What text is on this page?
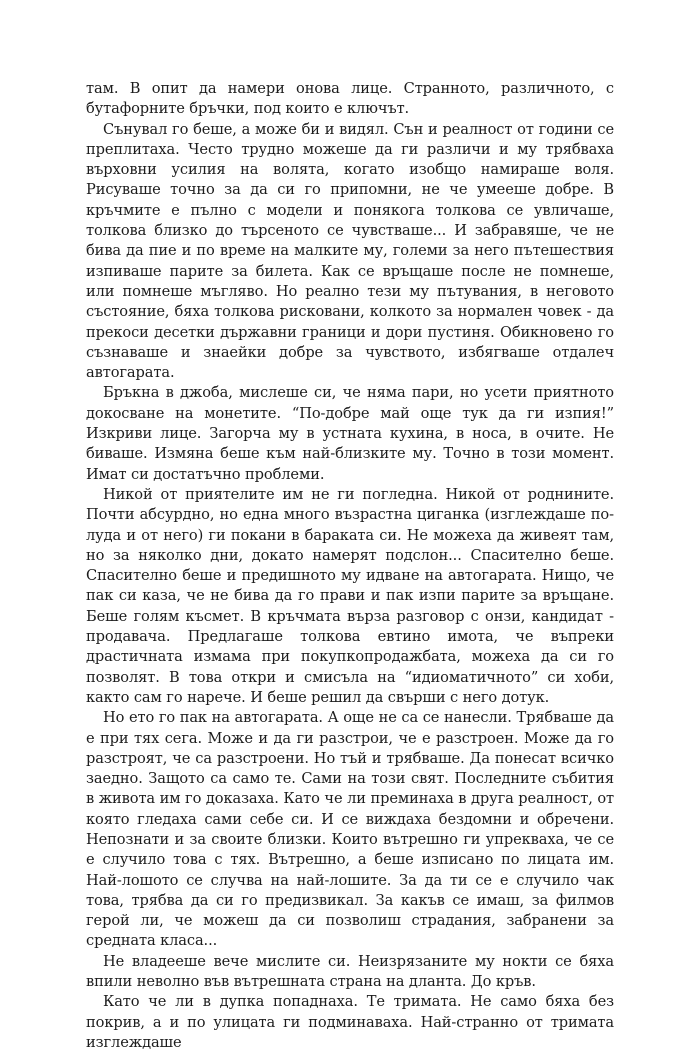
там. В опит да намери онова лице. Странното, различното, с бутафорните бръчки, под които е ключът.

Сънувал го беше, а може би и видял. Сън и реалност от години се преплитаха. Често трудно можеше да ги различи и му трябваха върховни усилия на волята, когато изобщо намираше воля. Рисуваше точно за да си го припомни, не че умееше добре. В кръчмите е пълно с модели и понякога толкова се увличаше, толкова близко до търсеното се чувстваше... И забравяше, че не бива да пие и по време на малките му, големи за него пътешествия изпиваше парите за билета. Как се връщаше после не помнеше, или помнеше мъгляво. Но реално тези му пътувания, в неговото състояние, бяха толкова рисковани, колкото за нормален човек - да прекоси десетки държавни граници и дори пустиня. Обикновено го съзнаваше и знаейки добре за чувството, избягваше отдалеч автогарата.

Бръкна в джоба, мислеше си, че няма пари, но усети приятното докосване на монетите. “По-добре май още тук да ги изпия!” Изкриви лице. Загорча му в устната кухина, в носа, в очите. Не биваше. Измяна беше към най-близките му. Точно в този момент. Имат си достатъчно проблеми.

Никой от приятелите им не ги погледна. Никой от роднините. Почти абсурдно, но една много възрастна циганка (изглеждаше полуда и от него) ги покани в бараката си. Не можеха да живеят там, но за няколко дни, докато намерят подслон... Спасително беше. Спасително беше и предишното му идване на автогарата. Нищо, че пак си каза, че не бива да го прави и пак изпи парите за връщане. Беше голям късмет. В кръчмата върза разговор с онзи, кандидат - продавача. Предлагаше толкова евтино имота, че въпреки драстичната измама при покупкопродажбата, можеха да си го позволят. В това откри и смисъла на “идиоматичното” си хоби, както сам го нарече. И беше решил да свърши с него дотук.

Но ето го пак на автогарата. А още не са се нанесли. Трябваше да е при тях сега. Може и да ги разстрои, че е разстроен. Може да го разстроят, че са разстроени. Но тъй и трябваше. Да понесат всичко заедно. Защото са само те. Сами на този свят. Последните събития в живота им го доказаха. Като че ли преминаха в друга реалност, от която гледаха сами себе си. И се виждаха бездомни и обречени. Непознати и за своите близки. Които вътрешно ги упрекваха, че се е случило това с тях. Вътрешно, а беше изписано по лицата им. Най-лошото се случва на най-лошите. За да ти се е случило чак това, трябва да си го предизвикал. За какъв се имаш, за филмов герой ли, че можеш да си позволиш страдания, забранени за средната класа...

Не владееше вече мислите си. Неизрязаните му нокти се бяха впили неволно във вътрешната страна на дланта. До кръв.

Като че ли в дупка попаднаха. Те тримата. Не само бяха без покрив, а и по улицата ги подминаваха. Най-странно от тримата изглеждаше
